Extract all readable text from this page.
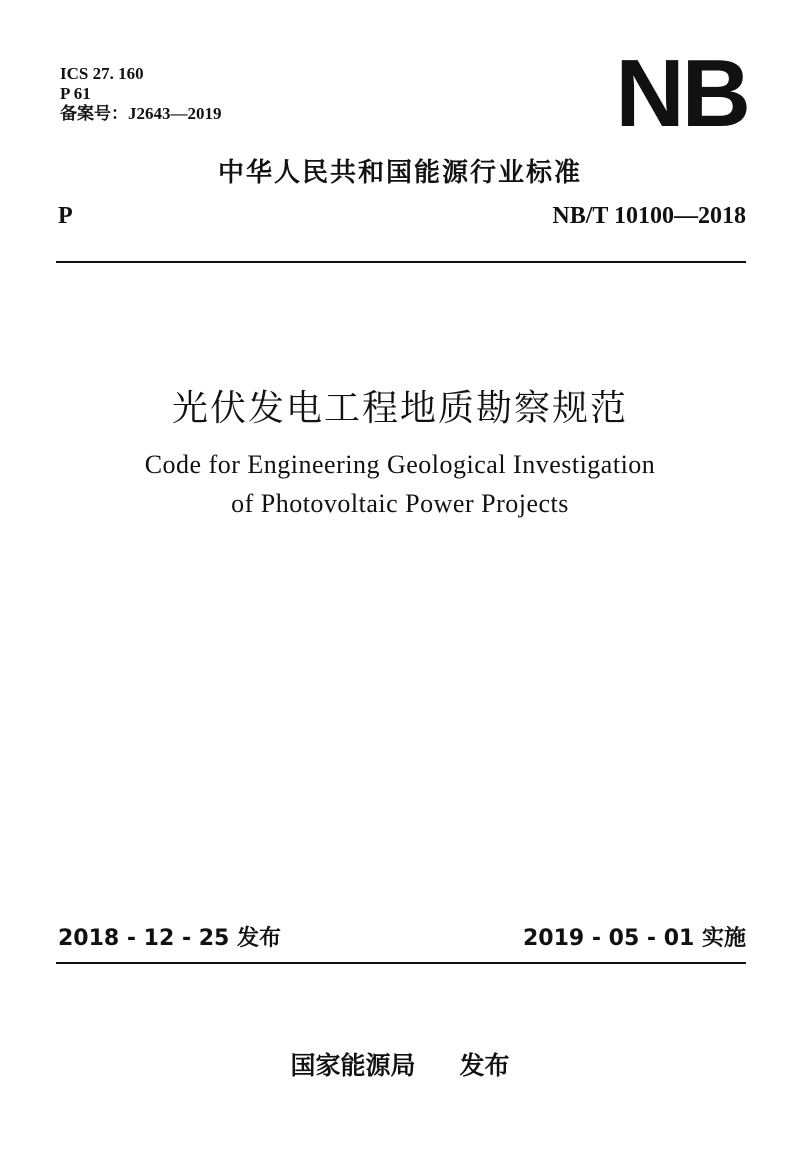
ICS 27. 160
P 61
备案号：J2643—2019	NB
中华人民共和国能源行业标准
P	NB/T 10100—2018
光伏发电工程地质勘察规范
Code for Engineering Geological Investigation
of Photovoltaic Power Projects
2018 - 12 - 25 发布	2019 - 05 - 01 实施
国家能源局 发布
